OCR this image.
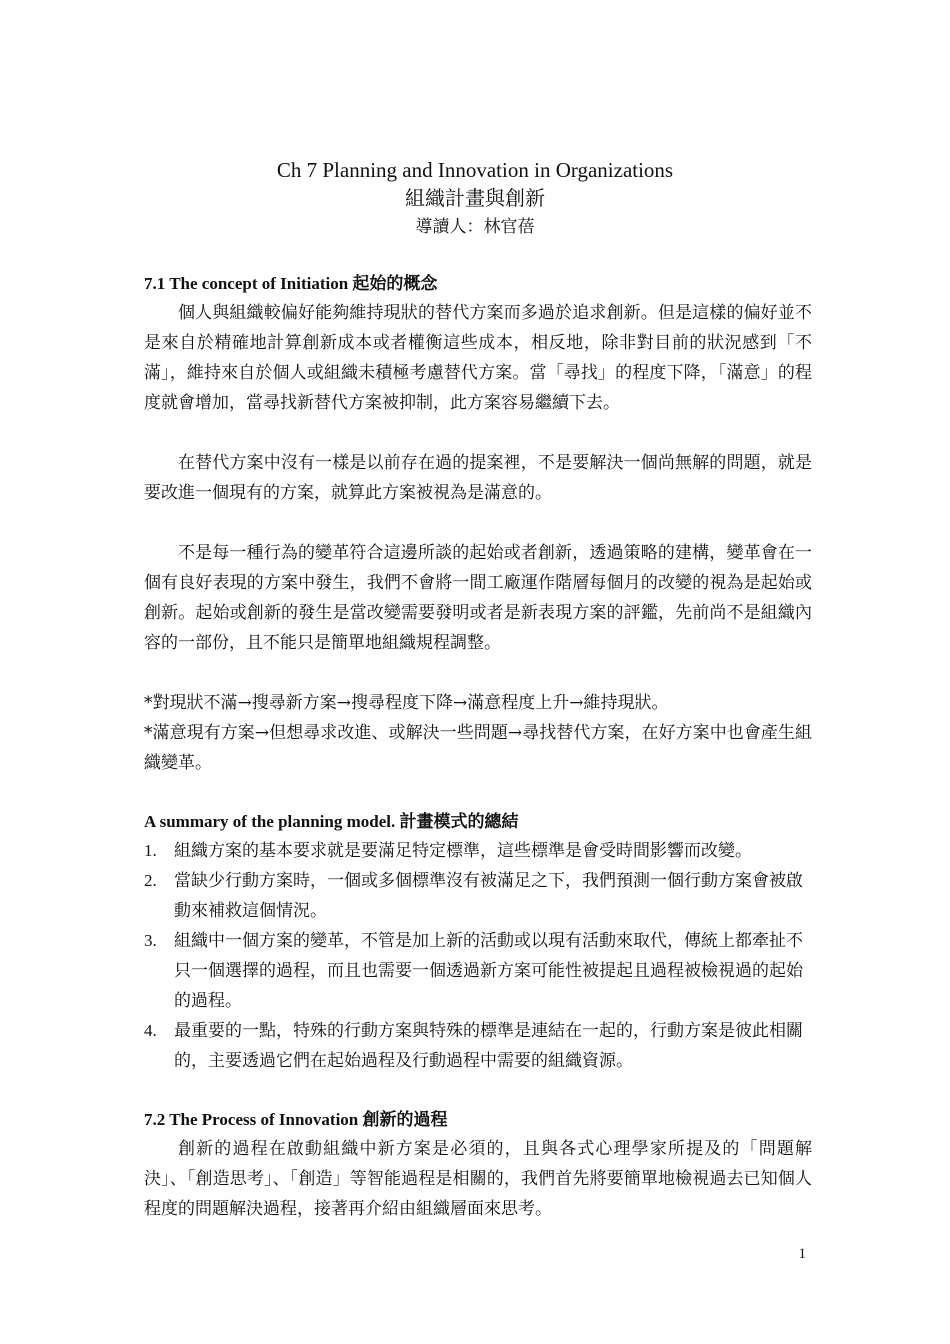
Ch 7 Planning and Innovation in Organizations
組織計畫與創新
導讀人：林官蓓
7.1 The concept of Initiation 起始的概念

個人與組織較偏好能夠維持現狀的替代方案而多過於追求創新。但是這樣的偏好並不是來自於精確地計算創新成本或者權衡這些成本，相反地，除非對目前的狀況感到「不滿」，維持來自於個人或組織未積極考慮替代方案。當「尋找」的程度下降，「滿意」的程度就會增加，當尋找新替代方案被抑制，此方案容易繼續下去。

在替代方案中沒有一樣是以前存在過的提案裡，不是要解決一個尚無解的問題，就是要改進一個現有的方案，就算此方案被視為是滿意的。

不是每一種行為的變革符合這邊所談的起始或者創新，透過策略的建構，變革會在一個有良好表現的方案中發生，我們不會將一間工廠運作階層每個月的改變的視為是起始或創新。起始或創新的發生是當改變需要發明或者是新表現方案的評鑑，先前尚不是組織內容的一部份，且不能只是簡單地組織規程調整。

*對現狀不滿→搜尋新方案→搜尋程度下降→滿意程度上升→維持現狀。

*滿意現有方案→但想尋求改進、或解決一些問題→尋找替代方案，在好方案中也會產生組織變革。

A summary of the planning model. 計畫模式的總結
1.	組織方案的基本要求就是要滿足特定標準，這些標準是會受時間影響而改變。
2.	當缺少行動方案時，一個或多個標準沒有被滿足之下，我們預測一個行動方案會被啟動來補救這個情況。
3.	組織中一個方案的變革，不管是加上新的活動或以現有活動來取代，傳統上都牽扯不只一個選擇的過程，而且也需要一個透過新方案可能性被提起且過程被檢視過的起始的過程。
4.	最重要的一點，特殊的行動方案與特殊的標準是連結在一起的，行動方案是彼此相關的，主要透過它們在起始過程及行動過程中需要的組織資源。
7.2 The Process of Innovation 創新的過程

創新的過程在啟動組織中新方案是必須的，且與各式心理學家所提及的「問題解決」、「創造思考」、「創造」等智能過程是相關的，我們首先將要簡單地檢視過去已知個人程度的問題解決過程，接著再介紹由組織層面來思考。

1
